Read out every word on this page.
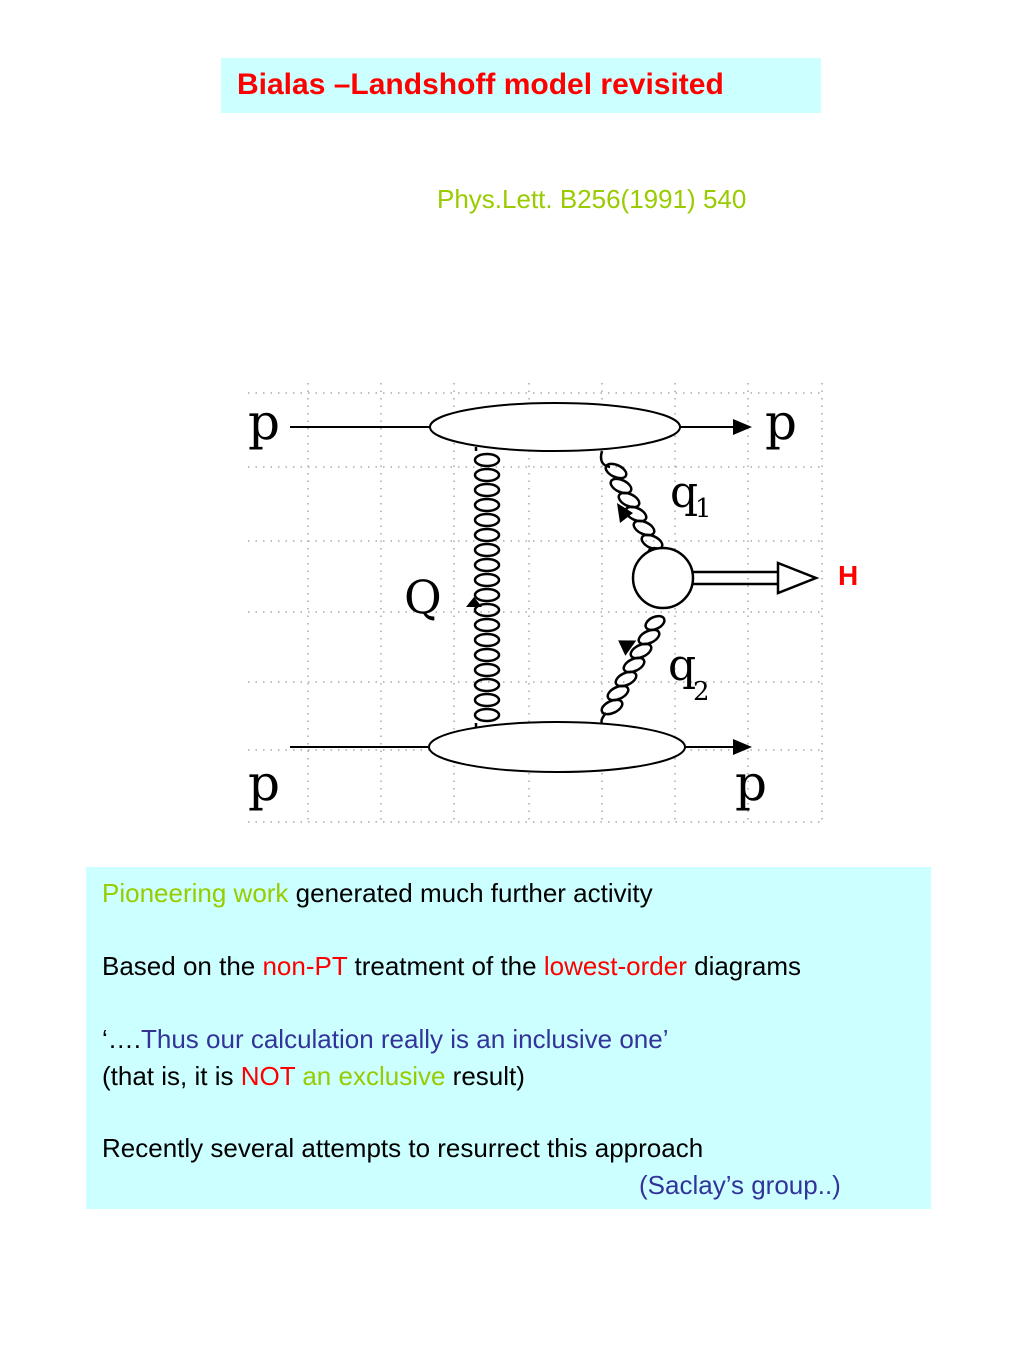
Bialas –Landshoff model revisited
Phys.Lett. B256(1991) 540
p	p
p	p
Q
q
1
q
2
H
Pioneering work generated much further activity
Based on the non-PT treatment of the lowest-order diagrams
‘….Thus our calculation really is an inclusive one’
(that is, it is NOT an exclusive result)
Recently several attempts to resurrect this approach
(Saclay’s group..)
